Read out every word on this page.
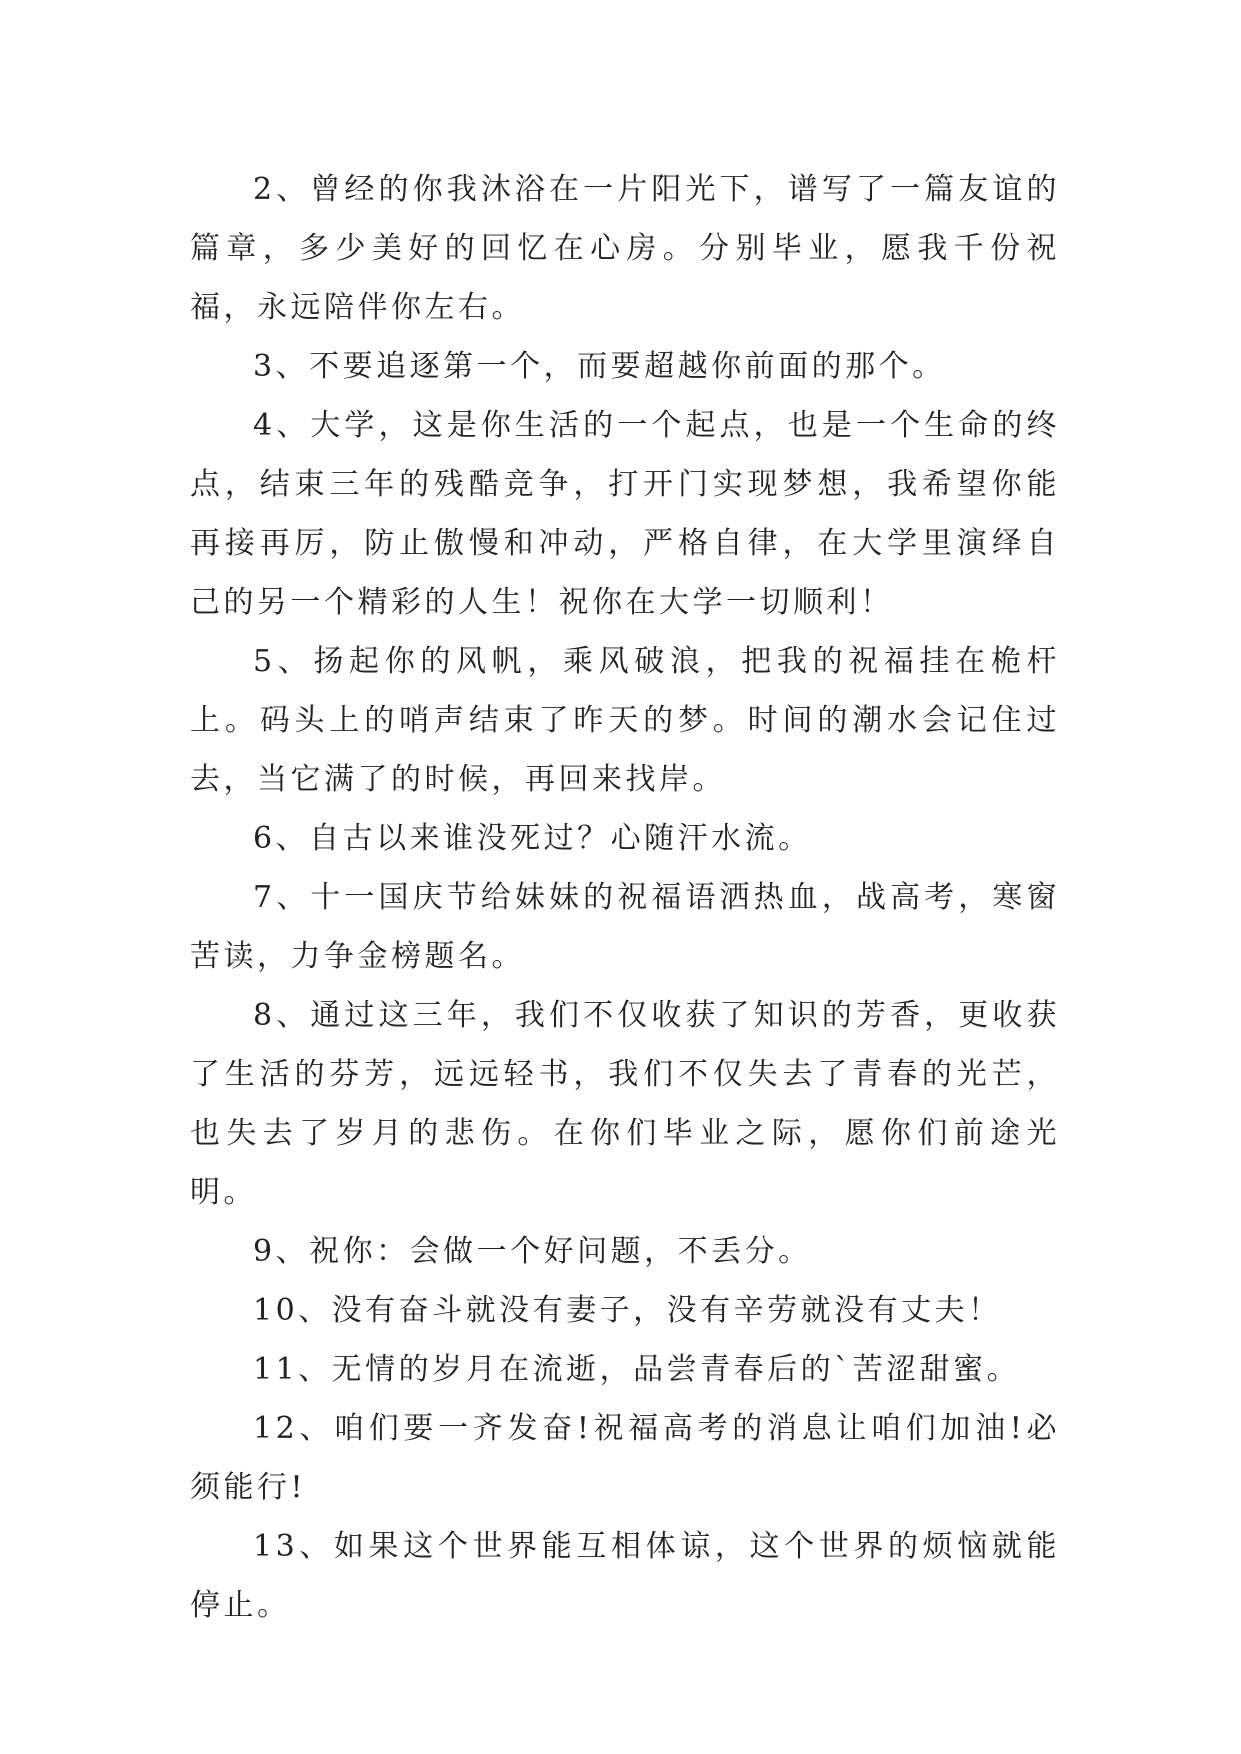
2、曾经的你我沐浴在一片阳光下，谱写了一篇友谊的篇章，多少美好的回忆在心房。分别毕业，愿我千份祝福，永远陪伴你左右。

3、不要追逐第一个，而要超越你前面的那个。

4、大学，这是你生活的一个起点，也是一个生命的终点，结束三年的残酷竞争，打开门实现梦想，我希望你能再接再厉，防止傲慢和冲动，严格自律，在大学里演绎自己的另一个精彩的人生！祝你在大学一切顺利！

5、扬起你的风帆，乘风破浪，把我的祝福挂在桅杆上。码头上的哨声结束了昨天的梦。时间的潮水会记住过去，当它满了的时候，再回来找岸。

6、自古以来谁没死过？心随汗水流。

7、十一国庆节给妹妹的祝福语洒热血，战高考，寒窗苦读，力争金榜题名。

8、通过这三年，我们不仅收获了知识的芳香，更收获了生活的芬芳，远远轻书，我们不仅失去了青春的光芒，也失去了岁月的悲伤。在你们毕业之际，愿你们前途光明。

9、祝你：会做一个好问题，不丢分。

10、没有奋斗就没有妻子，没有辛劳就没有丈夫！

11、无情的岁月在流逝，品尝青春后的`苦涩甜蜜。

12、咱们要一齐发奋!祝福高考的消息让咱们加油!必须能行!

13、如果这个世界能互相体谅，这个世界的烦恼就能停止。
